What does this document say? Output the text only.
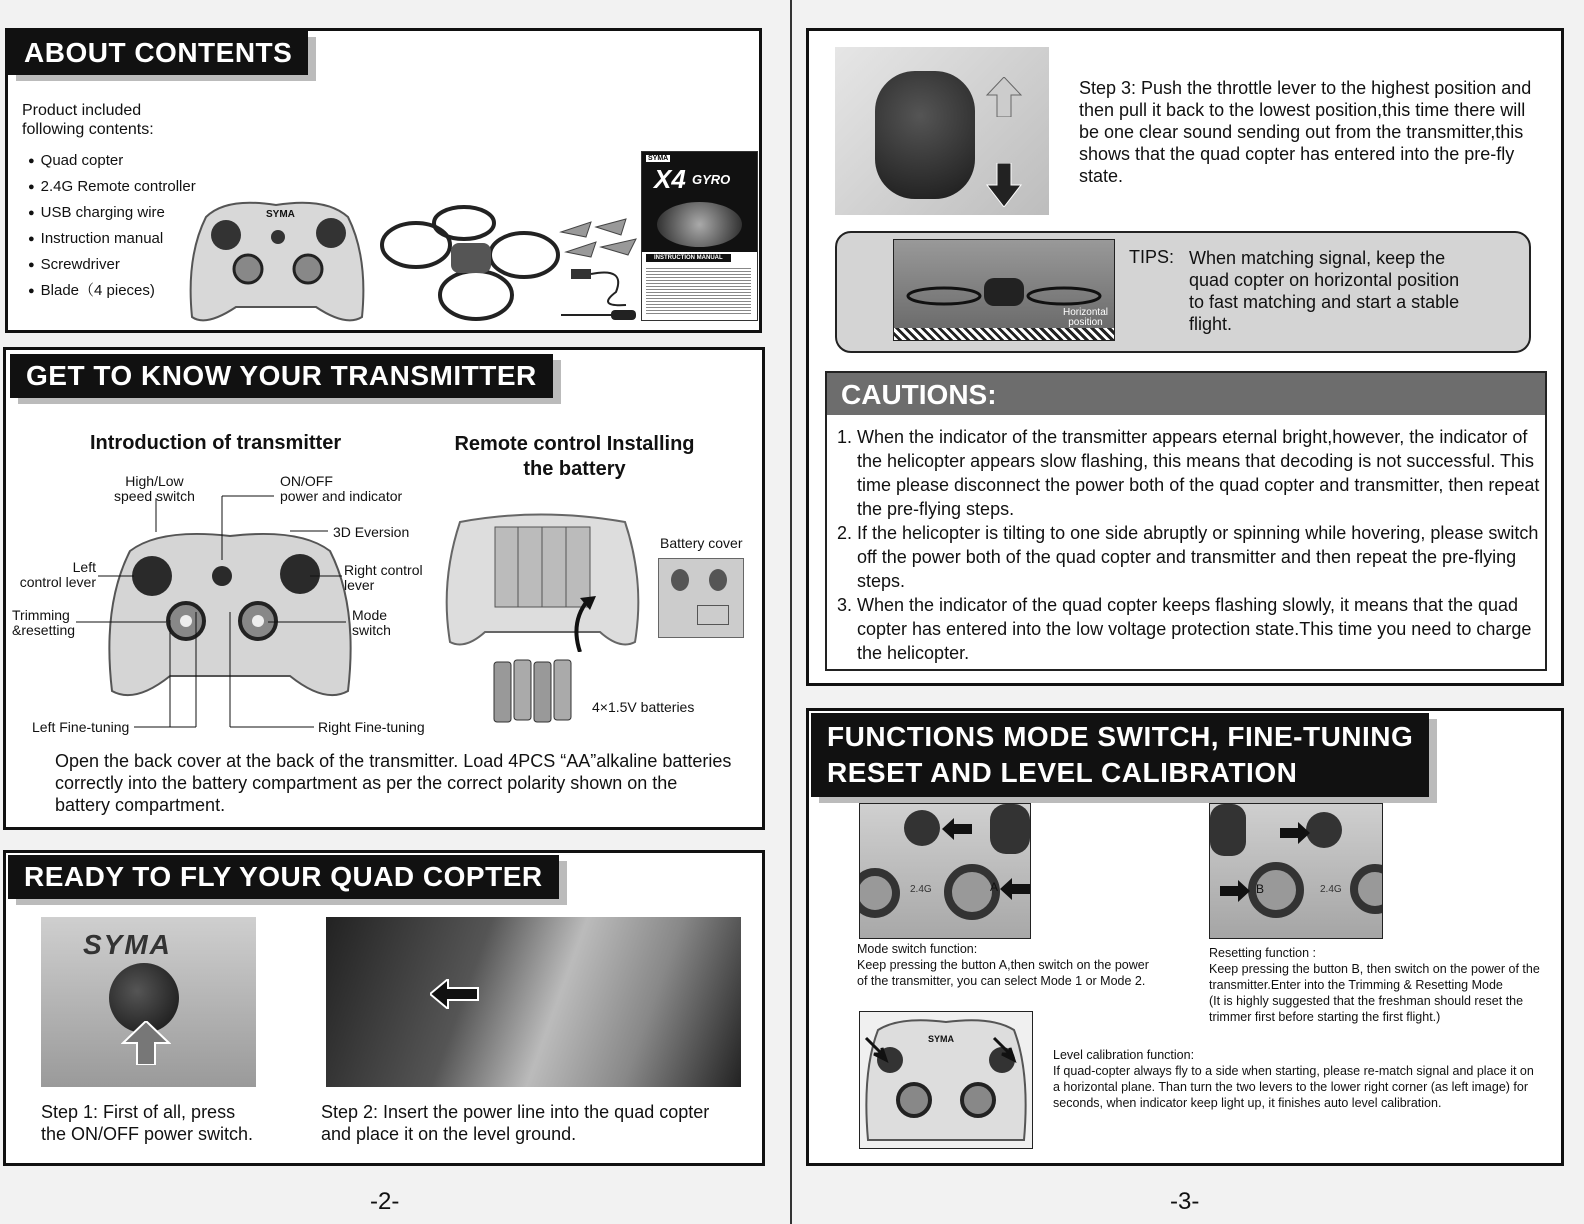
ABOUT CONTENTS
Product included
following contents:
● Quad copter
● 2.4G Remote controller
● USB charging wire
● Instruction manual
● Screwdriver
● Blade（4 pieces)
SYMA
SYMA
X4 GYRO
INSTRUCTION MANUAL
GET TO KNOW YOUR TRANSMITTER
Introduction of transmitter	Remote control Installing
the battery
High/Low
speed switch
ON/OFF
power and indicator
3D Eversion
Left
control lever
Right control
lever
Trimming
&resetting
Mode
switch
Left Fine-tuning	Right Fine-tuning
Battery cover
4×1.5V batteries
Open the back cover at the back of the transmitter. Load 4PCS “AA”alkaline batteries correctly into the battery compartment as per the correct polarity shown on the battery compartment.
READY TO FLY YOUR QUAD COPTER
SYMA
Step 1: First of all, press
the ON/OFF power switch.
Step 2: Insert the power line into the quad copter
and place it on the level ground.
-2-
Step 3: Push the throttle lever to the highest position and then pull it back to the lowest position,this time there will be one clear sound sending out from the transmitter,this shows that the quad copter has entered into the pre-fly state.
Horizontal
position
TIPS: When matching signal, keep the
quad copter on horizontal position
to fast matching and start a stable
flight.
CAUTIONS:
1. When the indicator of the transmitter appears eternal bright,however, the indicator of the helicopter appears slow flashing, this means that decoding is not successful. This time please disconnect the power both of the quad copter and transmitter, then repeat the pre-flying steps.
2. If the helicopter is tilting to one side abruptly or spinning while hovering, please switch off the power both of the quad copter and transmitter and then repeat the pre-flying steps.
3. When the indicator of the quad copter keeps flashing slowly, it means that the quad copter has entered into the low voltage protection state.This time you need to charge the helicopter.
FUNCTIONS MODE SWITCH, FINE-TUNING
RESET AND LEVEL CALIBRATION
2.4G	A
Mode switch function:
Keep pressing the button A,then switch on the power
of the transmitter, you can select Mode 1 or Mode 2.
2.4G
B
Resetting function :
Keep pressing the button B, then switch on the power of the transmitter.Enter into the Trimming & Resetting Mode
(It is highly suggested that the freshman should reset the trimmer first before starting the first flight.)
SYMA
Level calibration function:
If quad-copter always fly to a side when starting, please re-match signal and place it on a horizontal plane. Than turn the two levers to the lower right corner (as left image) for seconds, when indicator keep light up, it finishes auto level calibration.
-3-
